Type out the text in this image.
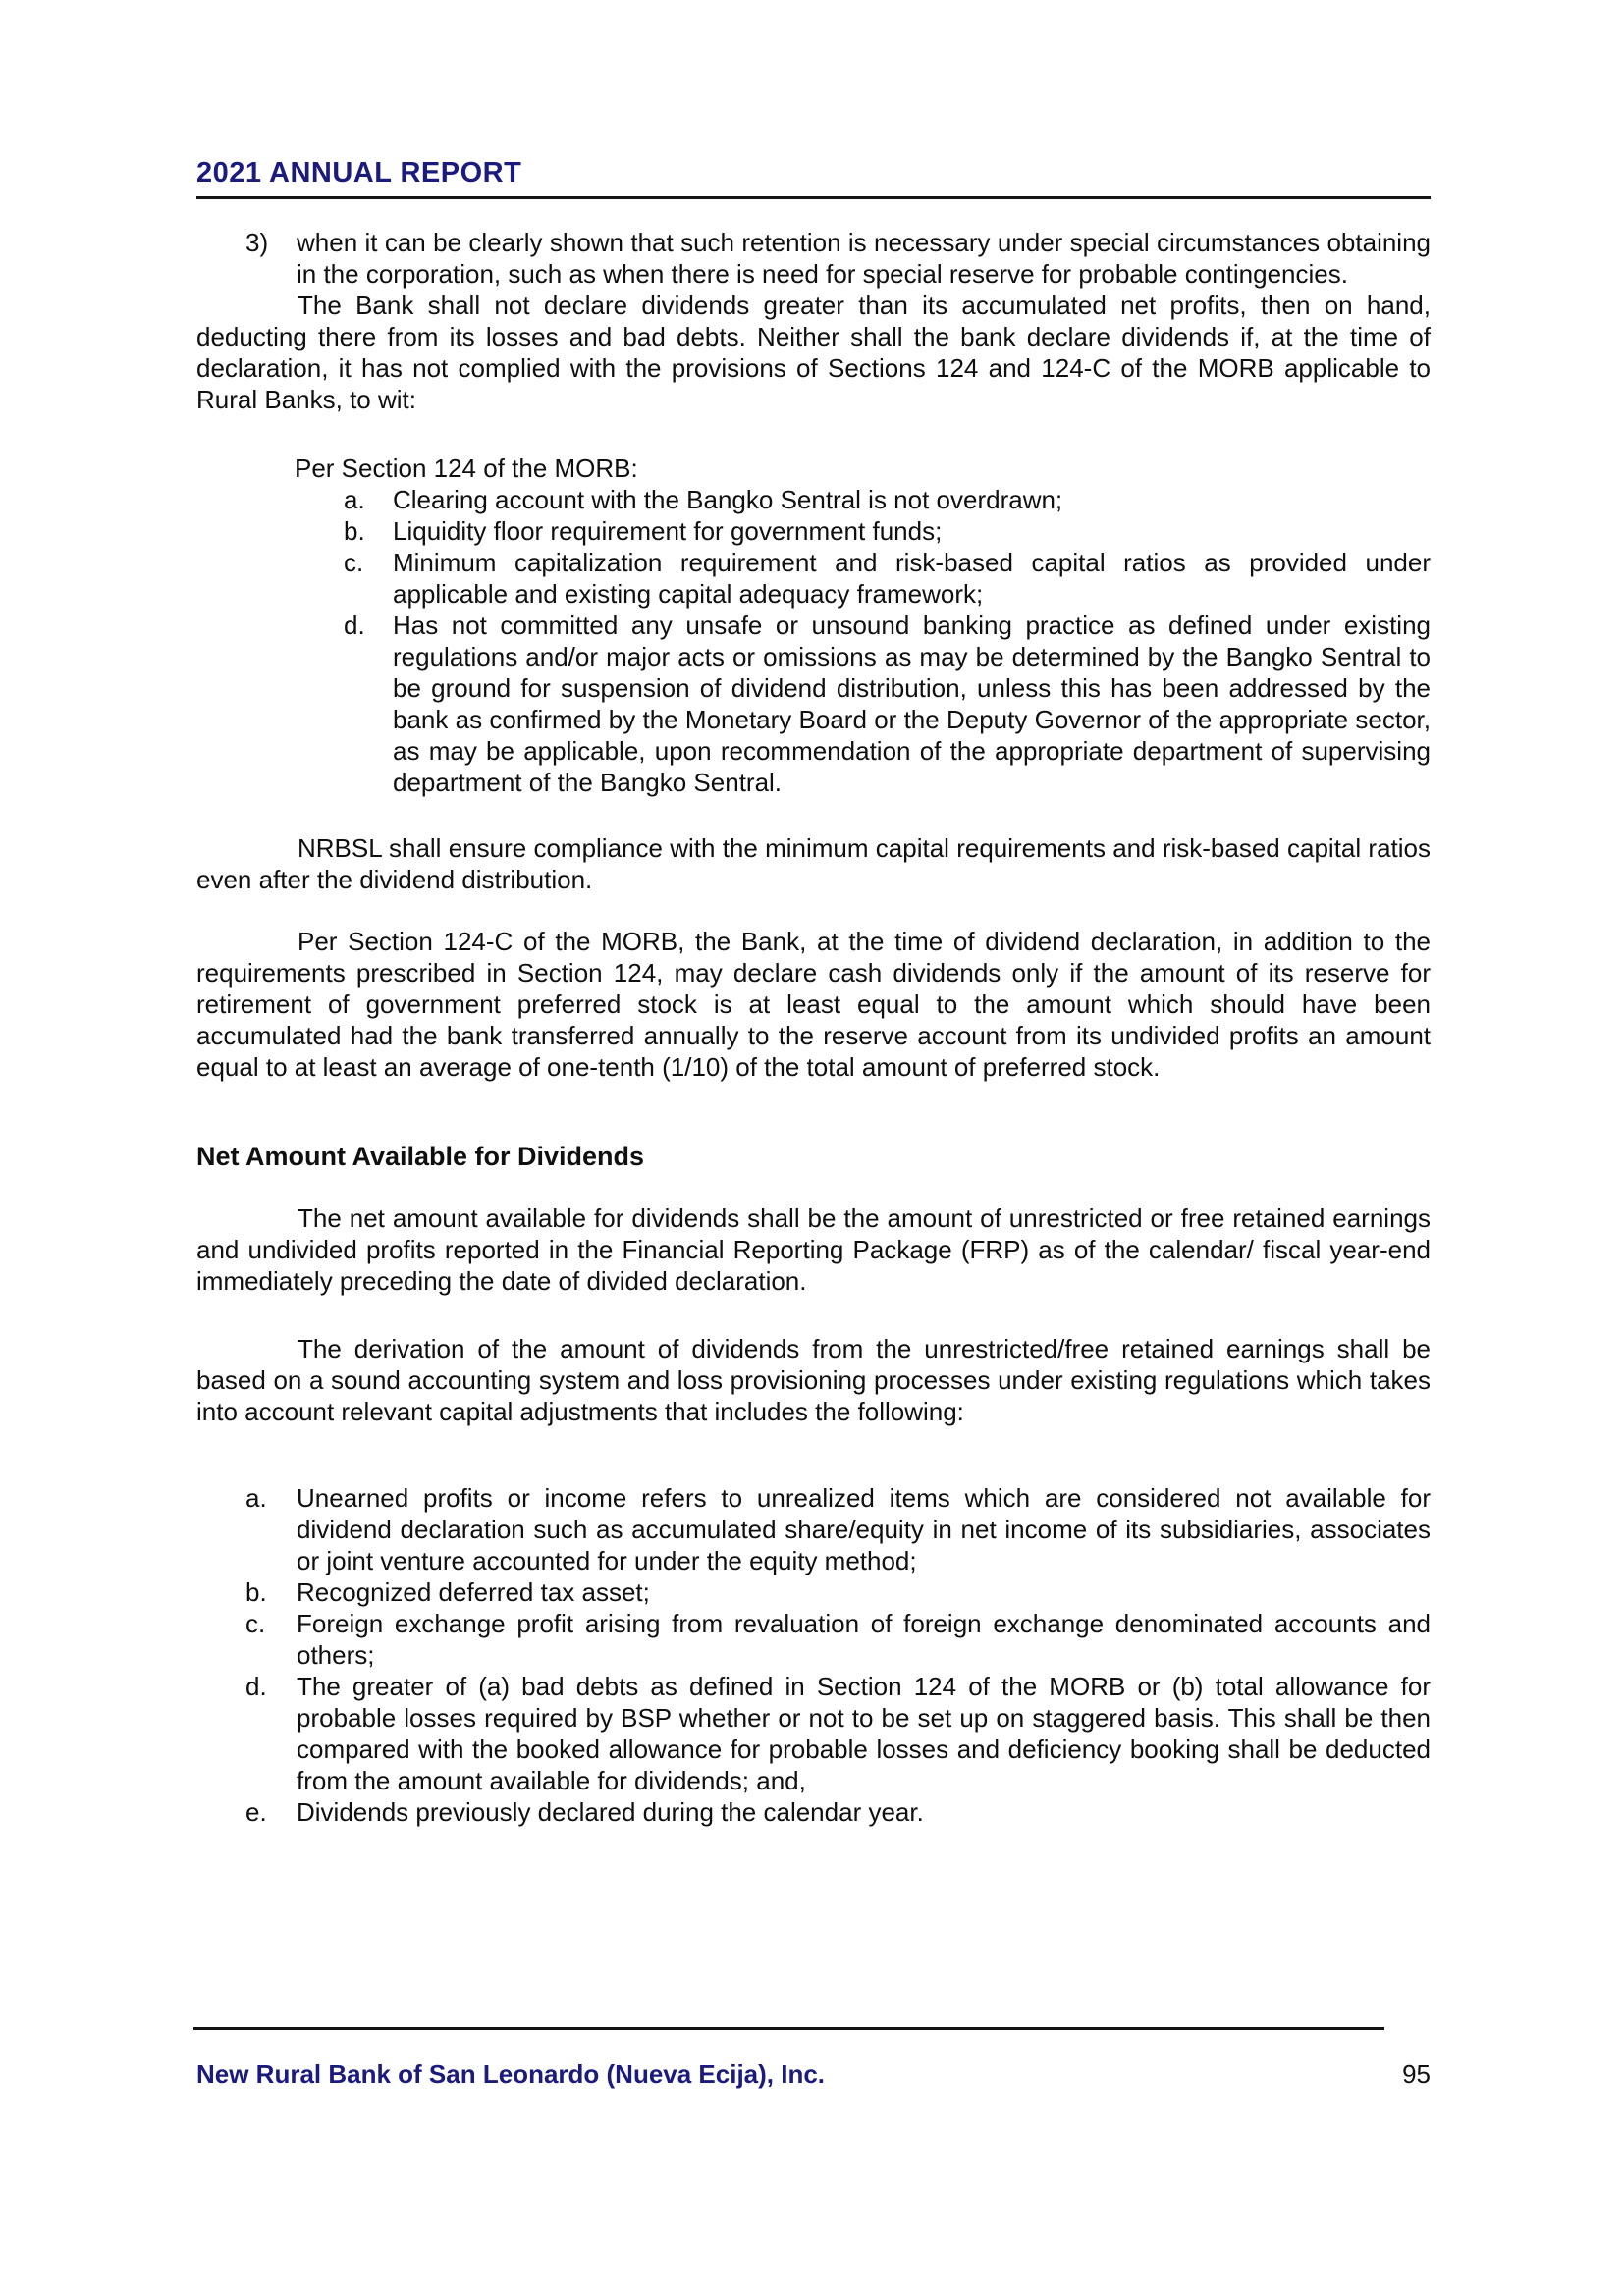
2021 ANNUAL REPORT
3)	when it can be clearly shown that such retention is necessary under special circumstances obtaining in the corporation, such as when there is need for special reserve for probable contingencies.
The Bank shall not declare dividends greater than its accumulated net profits, then on hand, deducting there from its losses and bad debts. Neither shall the bank declare dividends if, at the time of declaration, it has not complied with the provisions of Sections 124 and 124-C of the MORB applicable to Rural Banks, to wit:
Per Section 124 of the MORB:
a.	Clearing account with the Bangko Sentral is not overdrawn;
b.	Liquidity floor requirement for government funds;
c.	Minimum capitalization requirement and risk-based capital ratios as provided under applicable and existing capital adequacy framework;
d.	Has not committed any unsafe or unsound banking practice as defined under existing regulations and/or major acts or omissions as may be determined by the Bangko Sentral to be ground for suspension of dividend distribution, unless this has been addressed by the bank as confirmed by the Monetary Board or the Deputy Governor of the appropriate sector, as may be applicable, upon recommendation of the appropriate department of supervising department of the Bangko Sentral.
NRBSL shall ensure compliance with the minimum capital requirements and risk-based capital ratios even after the dividend distribution.
Per Section 124-C of the MORB, the Bank, at the time of dividend declaration, in addition to the requirements prescribed in Section 124, may declare cash dividends only if the amount of its reserve for retirement of government preferred stock is at least equal to the amount which should have been accumulated had the bank transferred annually to the reserve account from its undivided profits an amount equal to at least an average of one-tenth (1/10) of the total amount of preferred stock.
Net Amount Available for Dividends
The net amount available for dividends shall be the amount of unrestricted or free retained earnings and undivided profits reported in the Financial Reporting Package (FRP) as of the calendar/ fiscal year-end immediately preceding the date of divided declaration.
The derivation of the amount of dividends from the unrestricted/free retained earnings shall be based on a sound accounting system and loss provisioning processes under existing regulations which takes into account relevant capital adjustments that includes the following:
a.	Unearned profits or income refers to unrealized items which are considered not available for dividend declaration such as accumulated share/equity in net income of its subsidiaries, associates or joint venture accounted for under the equity method;
b.	Recognized deferred tax asset;
c.	Foreign exchange profit arising from revaluation of foreign exchange denominated accounts and others;
d.	The greater of (a) bad debts as defined in Section 124 of the MORB or (b) total allowance for probable losses required by BSP whether or not to be set up on staggered basis. This shall be then compared with the booked allowance for probable losses and deficiency booking shall be deducted from the amount available for dividends; and,
e.	Dividends previously declared during the calendar year.
New Rural Bank of San Leonardo (Nueva Ecija), Inc.	95
